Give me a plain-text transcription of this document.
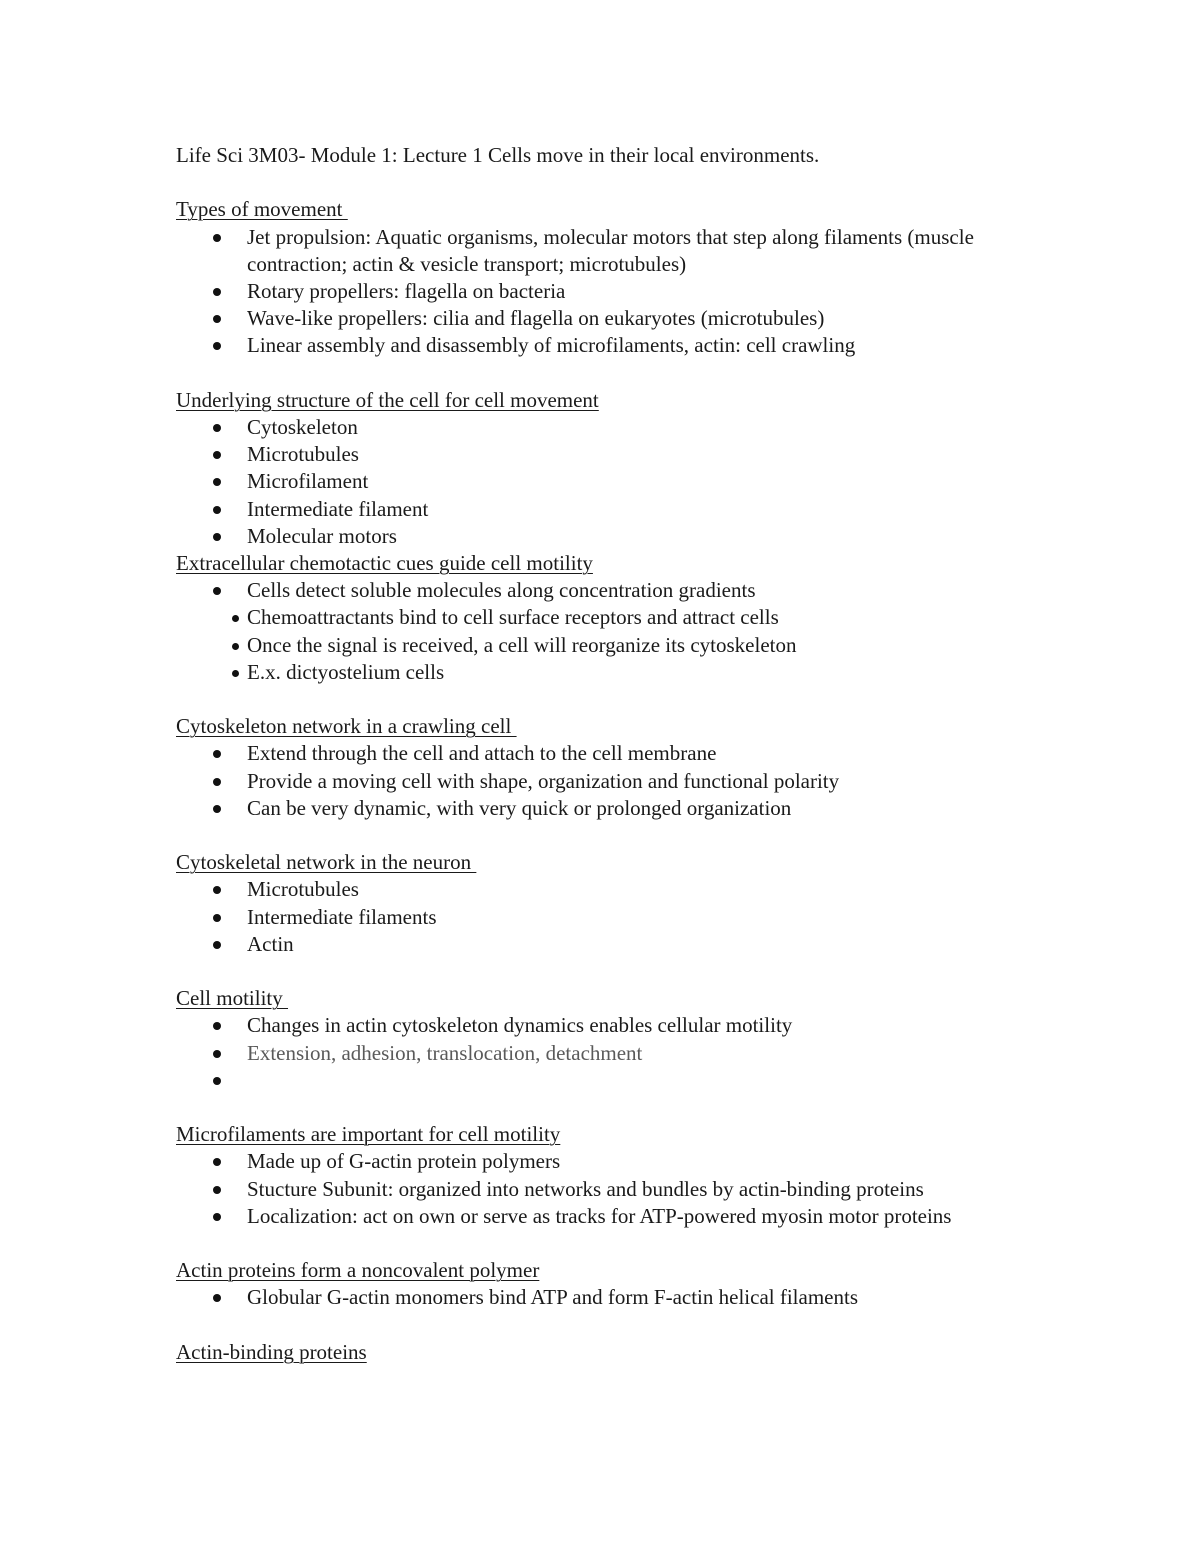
Life Sci 3M03- Module 1: Lecture 1 Cells move in their local environments.

Types of movement
Jet propulsion: Aquatic organisms, molecular motors that step along filaments (muscle contraction; actin & vesicle transport; microtubules)
Rotary propellers: flagella on bacteria
Wave-like propellers: cilia and flagella on eukaryotes (microtubules)
Linear assembly and disassembly of microfilaments, actin: cell crawling
Underlying structure of the cell for cell movement
Cytoskeleton
Microtubules
Microfilament
Intermediate filament
Molecular motors
Extracellular chemotactic cues guide cell motility
Cells detect soluble molecules along concentration gradients
Chemoattractants bind to cell surface receptors and attract cells
Once the signal is received, a cell will reorganize its cytoskeleton
E.x. dictyostelium cells
Cytoskeleton network in a crawling cell
Extend through the cell and attach to the cell membrane
Provide a moving cell with shape, organization and functional polarity
Can be very dynamic, with very quick or prolonged organization
Cytoskeletal network in the neuron
Microtubules
Intermediate filaments
Actin
Cell motility
Changes in actin cytoskeleton dynamics enables cellular motility
Extension, adhesion, translocation, detachment
Microfilaments are important for cell motility
Made up of G-actin protein polymers
Stucture Subunit: organized into networks and bundles by actin-binding proteins
Localization: act on own or serve as tracks for ATP-powered myosin motor proteins
Actin proteins form a noncovalent polymer
Globular G-actin monomers bind ATP and form F-actin helical filaments
Actin-binding proteins
